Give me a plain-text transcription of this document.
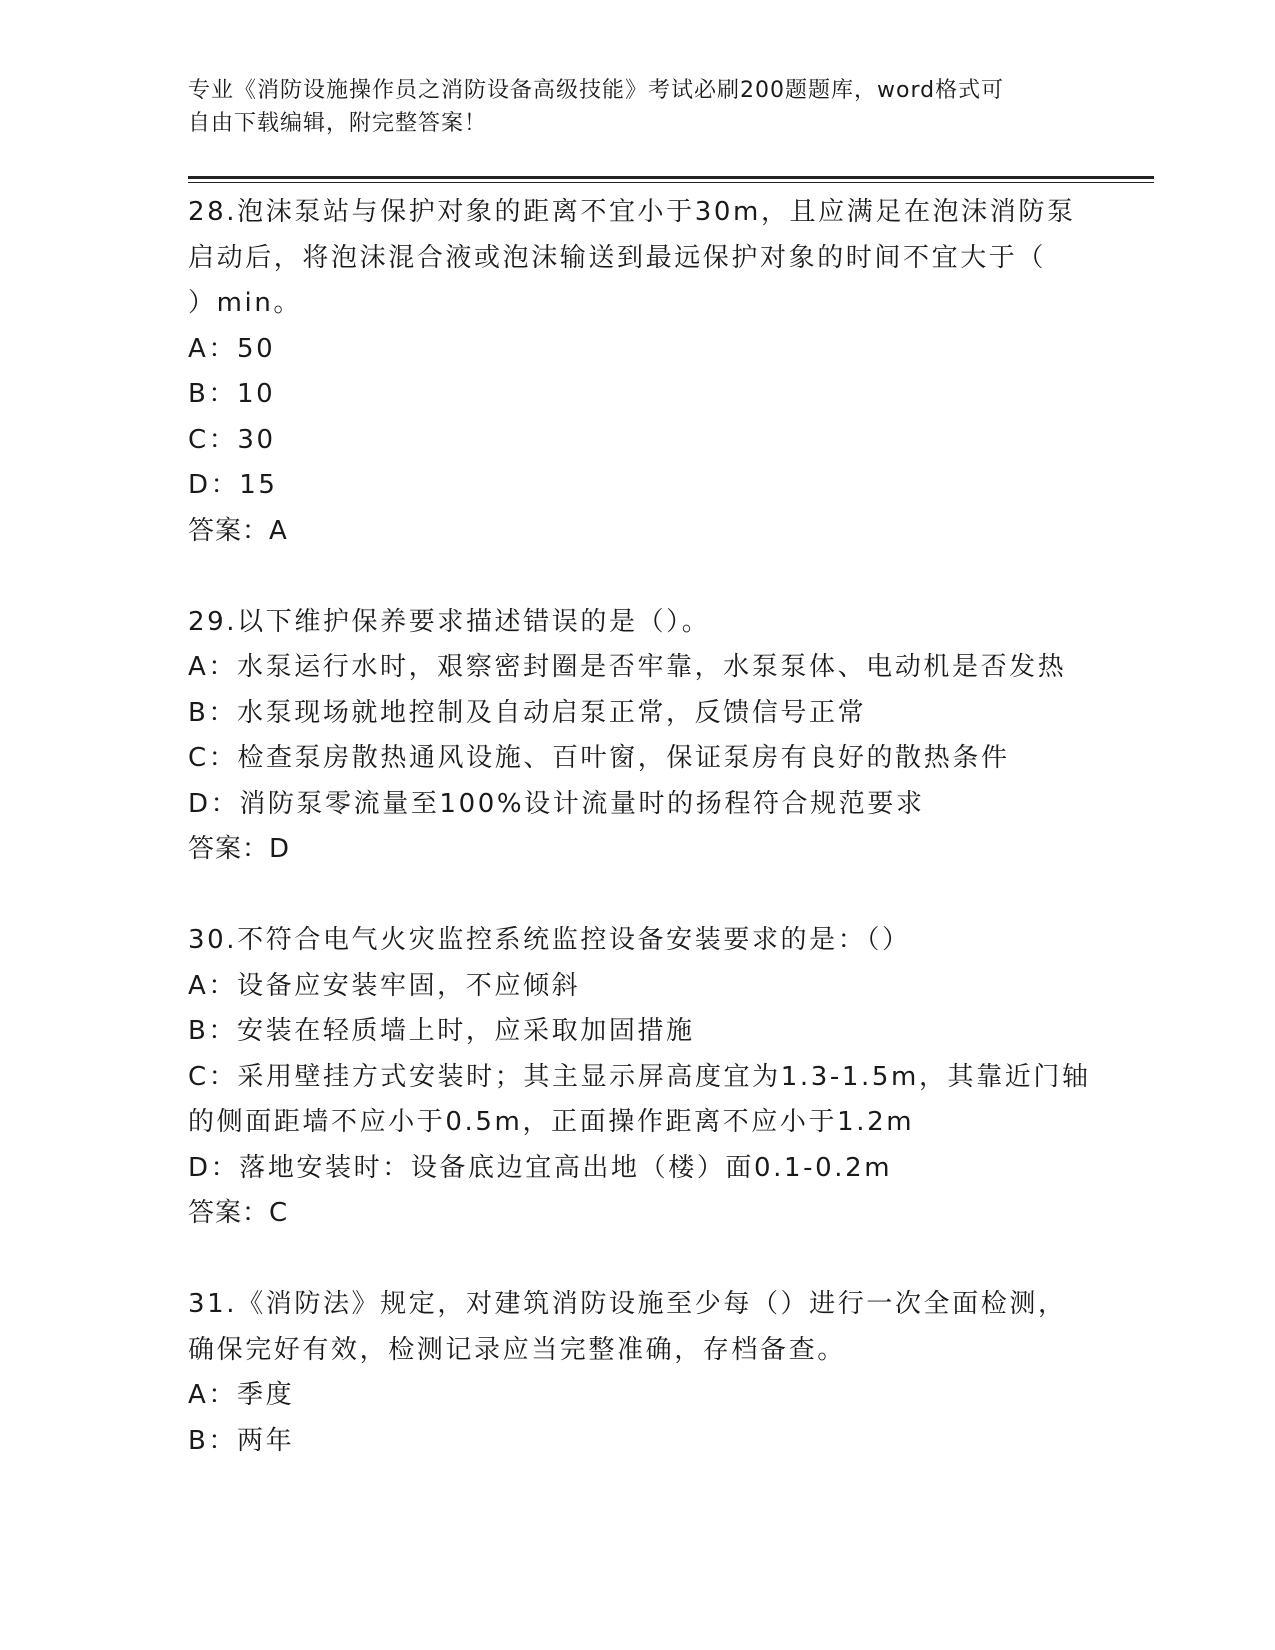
专业《消防设施操作员之消防设备高级技能》考试必刷200题题库，word格式可
自由下载编辑，附完整答案！
28.泡沫泵站与保护对象的距离不宜小于30m，且应满足在泡沫消防泵
启动后，将泡沫混合液或泡沫输送到最远保护对象的时间不宜大于（
）min。
A：50
B：10
C：30
D：15
答案：A
29.以下维护保养要求描述错误的是（）。
A：水泵运行水时，艰察密封圈是否牢靠，水泵泵体、电动机是否发热
B：水泵现场就地控制及自动启泵正常，反馈信号正常
C：检查泵房散热通风设施、百叶窗，保证泵房有良好的散热条件
D：消防泵零流量至100%设计流量时的扬程符合规范要求
答案：D
30.不符合电气火灾监控系统监控设备安装要求的是：（）
A：设备应安装牢固，不应倾斜
B：安装在轻质墙上时，应采取加固措施
C：采用壁挂方式安装时；其主显示屏高度宜为1.3-1.5m，其靠近门轴
的侧面距墙不应小于0.5m，正面操作距离不应小于1.2m
D：落地安装时：设备底边宜高出地（楼）面0.1-0.2m
答案：C
31.《消防法》规定，对建筑消防设施至少每（）进行一次全面检测，
确保完好有效，检测记录应当完整准确，存档备查。
A：季度
B：两年
